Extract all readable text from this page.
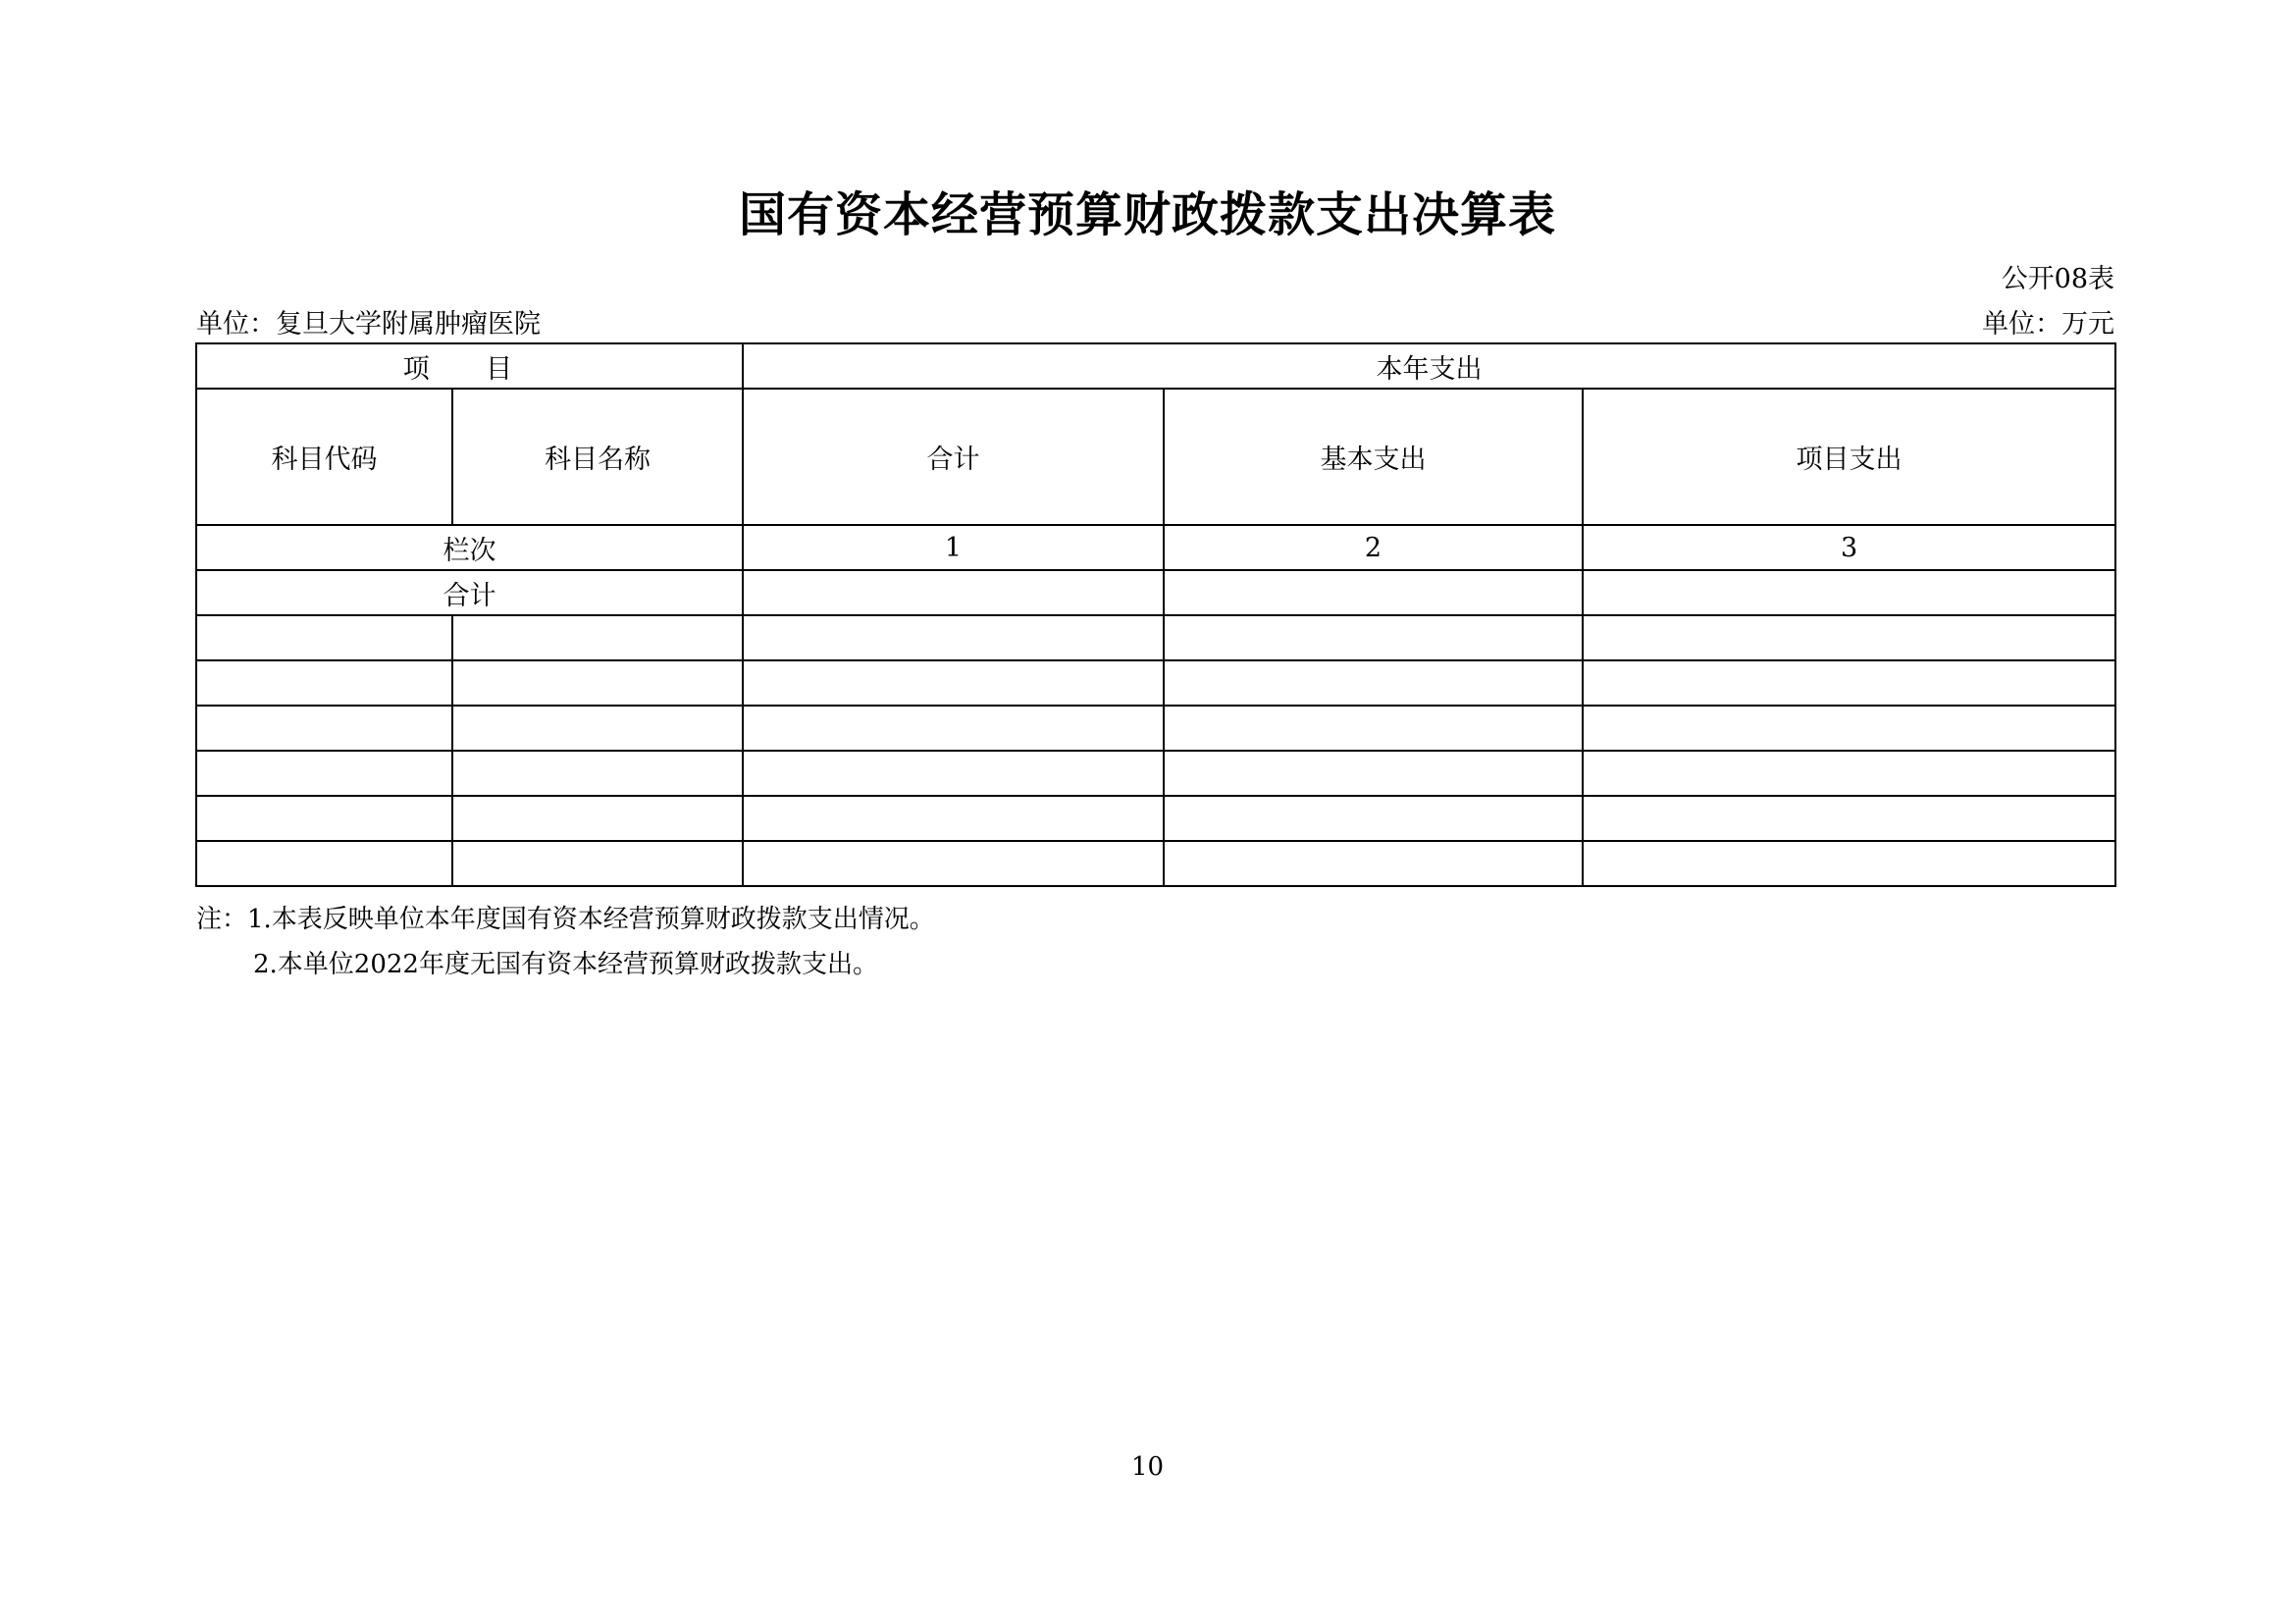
国有资本经营预算财政拨款支出决算表
公开08表
单位：复旦大学附属肿瘤医院	单位：万元
项 目		本年支出		
科目代码	科目名称	合计	基本支出	项目支出
栏次		1	2	3
合计				

注：1.本表反映单位本年度国有资本经营预算财政拨款支出情况。
2.本单位2022年度无国有资本经营预算财政拨款支出。
10
